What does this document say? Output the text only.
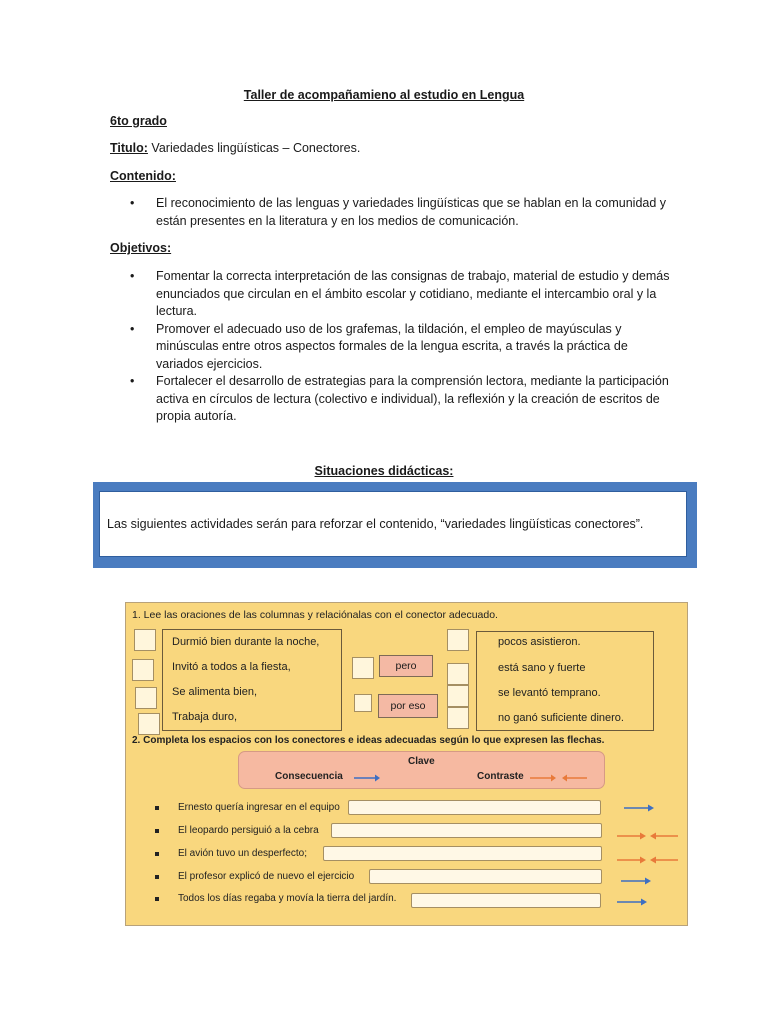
Taller de acompañamieno al estudio en Lengua
6to grado
Titulo: Variedades lingüísticas – Conectores.
Contenido:
• El reconocimiento de las lenguas y variedades lingüísticas que se hablan en la comunidad y están presentes en la literatura y en los medios de comunicación.
Objetivos:
• Fomentar la correcta interpretación de las consignas de trabajo, material de estudio y demás enunciados que circulan en el ámbito escolar y cotidiano, mediante el intercambio oral y la lectura.
• Promover el adecuado uso de los grafemas, la tildación, el empleo de mayúsculas y minúsculas entre otros aspectos formales de la lengua escrita, a través la práctica de variados ejercicios.
• Fortalecer el desarrollo de estrategias para la comprensión lectora, mediante la participación activa en círculos de lectura (colectivo e individual), la reflexión y la creación de escritos de propia autoría.
Situaciones didácticas:
Las siguientes actividades serán para reforzar el contenido, “variedades lingüísticas conectores”.
1. Lee las oraciones de las columnas y relaciónalas con el conector adecuado.
Durmió bien durante la noche,
Invitó a todos a la fiesta,
Se alimenta bien,
Trabaja duro,
pero
por eso
pocos asistieron.
está sano y fuerte
se levantó temprano.
no ganó suficiente dinero.
2. Completa los espacios con los conectores e ideas adecuadas según lo que expresen las flechas.
Clave
Consecuencia	Contraste
Ernesto quería ingresar en el equipo
El leopardo persiguió a la cebra
El avión tuvo un desperfecto;
El profesor explicó de nuevo el ejercicio
Todos los días regaba y movía la tierra del jardín.
